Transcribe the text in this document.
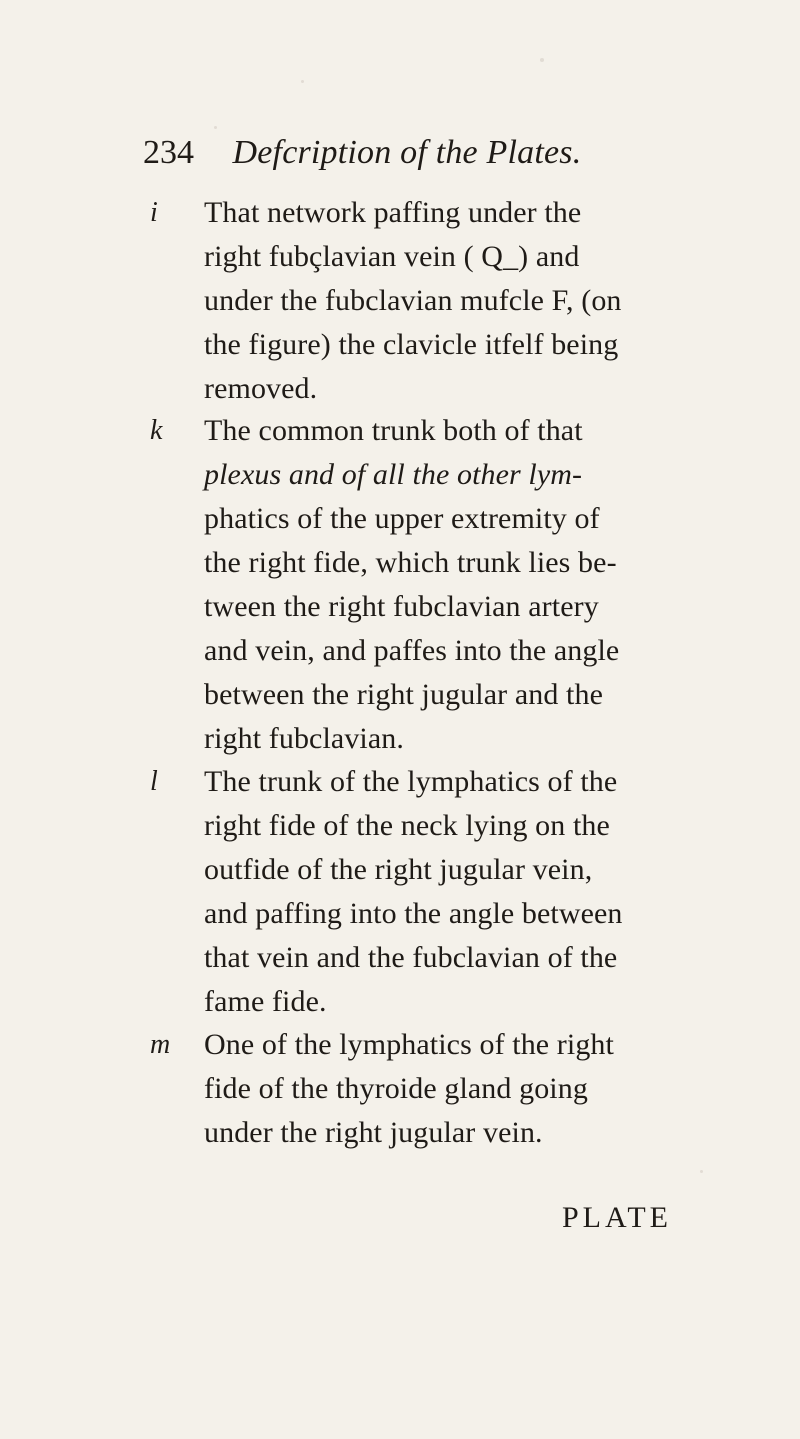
234 Defcription of the Plates.
i That network paffing under the
right fubçlavian vein ( Q_) and
under the fubclavian mufcle F, (on
the figure) the clavicle itfelf being
removed.
k The common trunk both of that
plexus and of all the other lym-
phatics of the upper extremity of
the right fide, which trunk lies be-
tween the right fubclavian artery
and vein, and paffes into the angle
between the right jugular and the
right fubclavian.
l The trunk of the lymphatics of the
right fide of the neck lying on the
outfide of the right jugular vein,
and paffing into the angle between
that vein and the fubclavian of the
fame fide.
m One of the lymphatics of the right
fide of the thyroide gland going
under the right jugular vein.
PLATE
